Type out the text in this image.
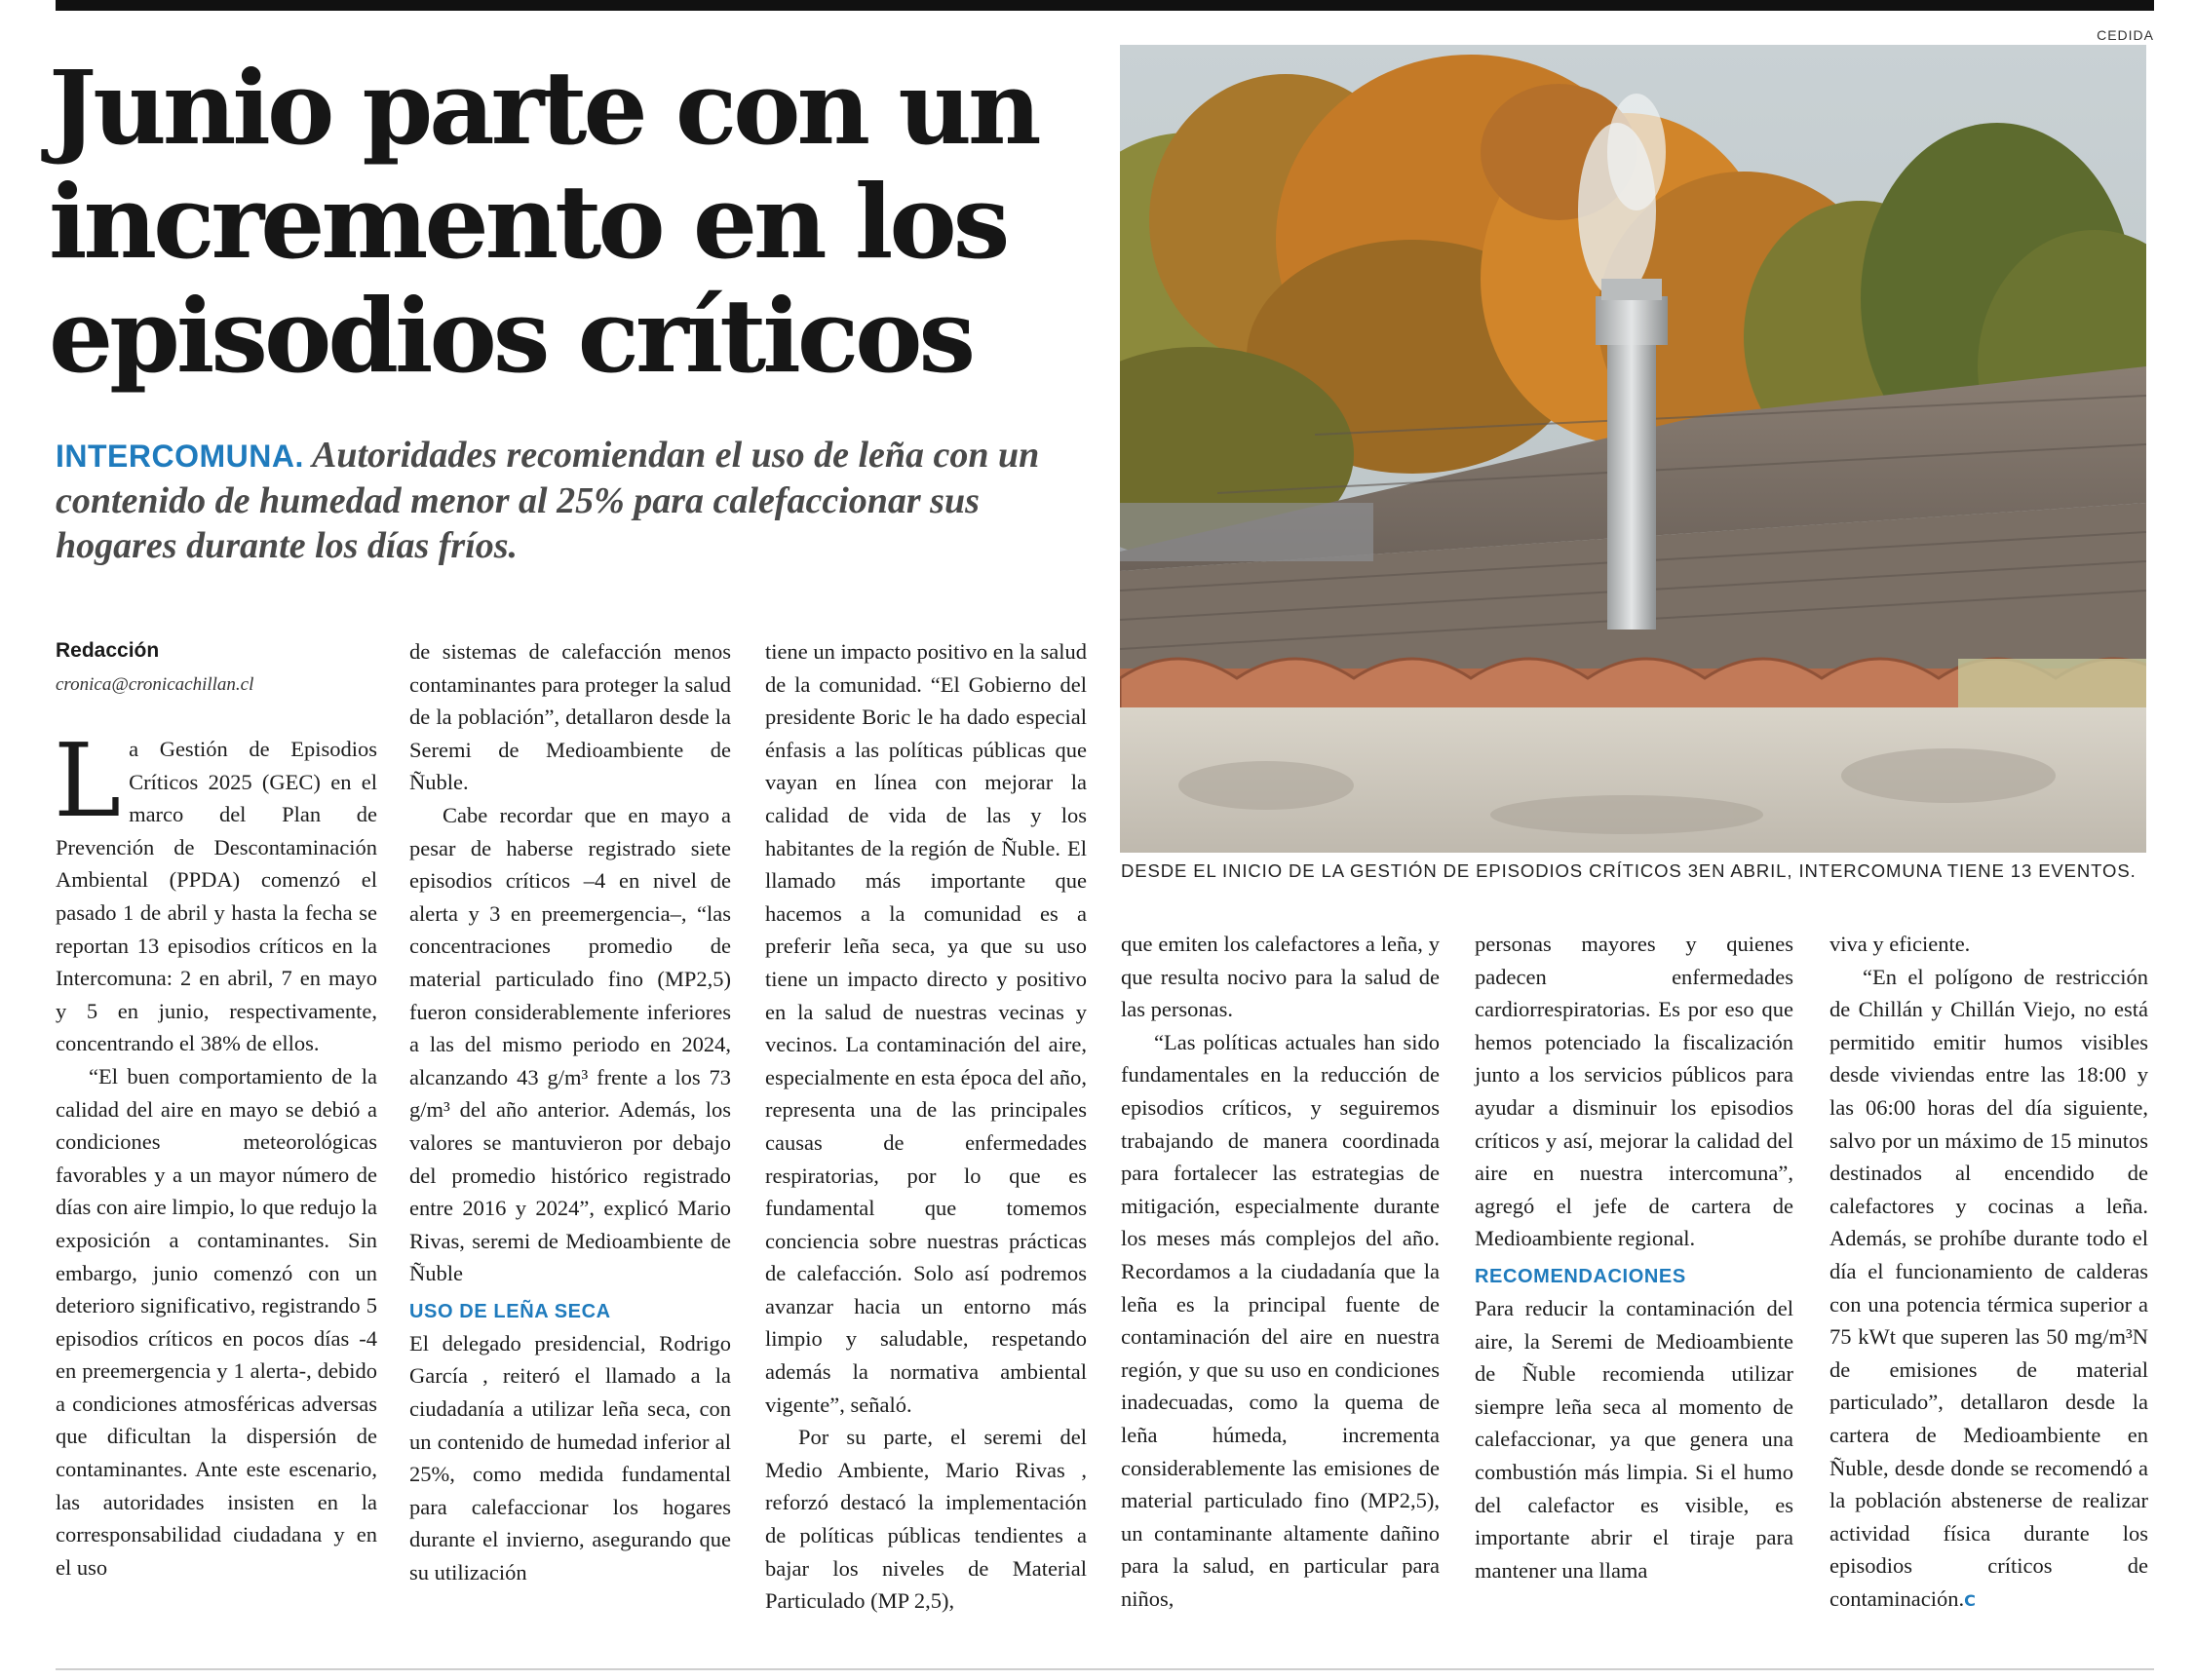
Junio parte con un incremento en los episodios críticos
INTERCOMUNA. Autoridades recomiendan el uso de leña con un contenido de humedad menor al 25% para calefaccionar sus hogares durante los días fríos.
CEDIDA
DESDE EL INICIO DE LA GESTIÓN DE EPISODIOS CRÍTICOS 3EN ABRIL, INTERCOMUNA TIENE 13 EVENTOS.
Redacción
cronica@cronicachillan.cl

La Gestión de Episodios Críticos 2025 (GEC) en el marco del Plan de Prevención de Descontaminación Ambiental (PPDA) comenzó el pasado 1 de abril y hasta la fecha se reportan 13 episodios críticos en la Intercomuna: 2 en abril, 7 en mayo y 5 en junio, respectivamente, concentrando el 38% de ellos.

“El buen comportamiento de la calidad del aire en mayo se debió a condiciones meteorológicas favorables y a un mayor número de días con aire limpio, lo que redujo la exposición a contaminantes. Sin embargo, junio comenzó con un deterioro significativo, registrando 5 episodios críticos en pocos días -4 en preemergencia y 1 alerta-, debido a condiciones atmosféricas adversas que dificultan la dispersión de contaminantes. Ante este escenario, las autoridades insisten en la corresponsabilidad ciudadana y en el uso

de sistemas de calefacción menos contaminantes para proteger la salud de la población”, detallaron desde la Seremi de Medioambiente de Ñuble.

Cabe recordar que en mayo a pesar de haberse registrado siete episodios críticos –4 en nivel de alerta y 3 en preemergencia–, “las concentraciones promedio de material particulado fino (MP2,5) fueron considerablemente inferiores a las del mismo periodo en 2024, alcanzando 43 g/m³ frente a los 73 g/m³ del año anterior. Además, los valores se mantuvieron por debajo del promedio histórico registrado entre 2016 y 2024”, explicó Mario Rivas, seremi de Medioambiente de Ñuble

USO DE LEÑA SECA

El delegado presidencial, Rodrigo García , reiteró el llamado a la ciudadanía a utilizar leña seca, con un contenido de humedad inferior al 25%, como medida fundamental para calefaccionar los hogares durante el invierno, asegurando que su utilización

tiene un impacto positivo en la salud de la comunidad. “El Gobierno del presidente Boric le ha dado especial énfasis a las políticas públicas que vayan en línea con mejorar la calidad de vida de las y los habitantes de la región de Ñuble. El llamado más importante que hacemos a la comunidad es a preferir leña seca, ya que su uso tiene un impacto directo y positivo en la salud de nuestras vecinas y vecinos. La contaminación del aire, especialmente en esta época del año, representa una de las principales causas de enfermedades respiratorias, por lo que es fundamental que tomemos conciencia sobre nuestras prácticas de calefacción. Solo así podremos avanzar hacia un entorno más limpio y saludable, respetando además la normativa ambiental vigente”, señaló.

Por su parte, el seremi del Medio Ambiente, Mario Rivas , reforzó destacó la implementación de políticas públicas tendientes a bajar los niveles de Material Particulado (MP 2,5),

que emiten los calefactores a leña, y que resulta nocivo para la salud de las personas.

“Las políticas actuales han sido fundamentales en la reducción de episodios críticos, y seguiremos trabajando de manera coordinada para fortalecer las estrategias de mitigación, especialmente durante los meses más complejos del año. Recordamos a la ciudadanía que la leña es la principal fuente de contaminación del aire en nuestra región, y que su uso en condiciones inadecuadas, como la quema de leña húmeda, incrementa considerablemente las emisiones de material particulado fino (MP2,5), un contaminante altamente dañino para la salud, en particular para niños,

personas mayores y quienes padecen enfermedades cardiorrespiratorias. Es por eso que hemos potenciado la fiscalización junto a los servicios públicos para ayudar a disminuir los episodios críticos y así, mejorar la calidad del aire en nuestra intercomuna”, agregó el jefe de cartera de Medioambiente regional.

RECOMENDACIONES

Para reducir la contaminación del aire, la Seremi de Medioambiente de Ñuble recomienda utilizar siempre leña seca al momento de calefaccionar, ya que genera una combustión más limpia. Si el humo del calefactor es visible, es importante abrir el tiraje para mantener una llama

viva y eficiente.

“En el polígono de restricción de Chillán y Chillán Viejo, no está permitido emitir humos visibles desde viviendas entre las 18:00 y las 06:00 horas del día siguiente, salvo por un máximo de 15 minutos destinados al encendido de calefactores y cocinas a leña. Además, se prohíbe durante todo el día el funcionamiento de calderas con una potencia térmica superior a 75 kWt que superen las 50 mg/m³N de emisiones de material particulado”, detallaron desde la cartera de Medioambiente en Ñuble, desde donde se recomendó a la población abstenerse de realizar actividad física durante los episodios críticos de contaminación.C
